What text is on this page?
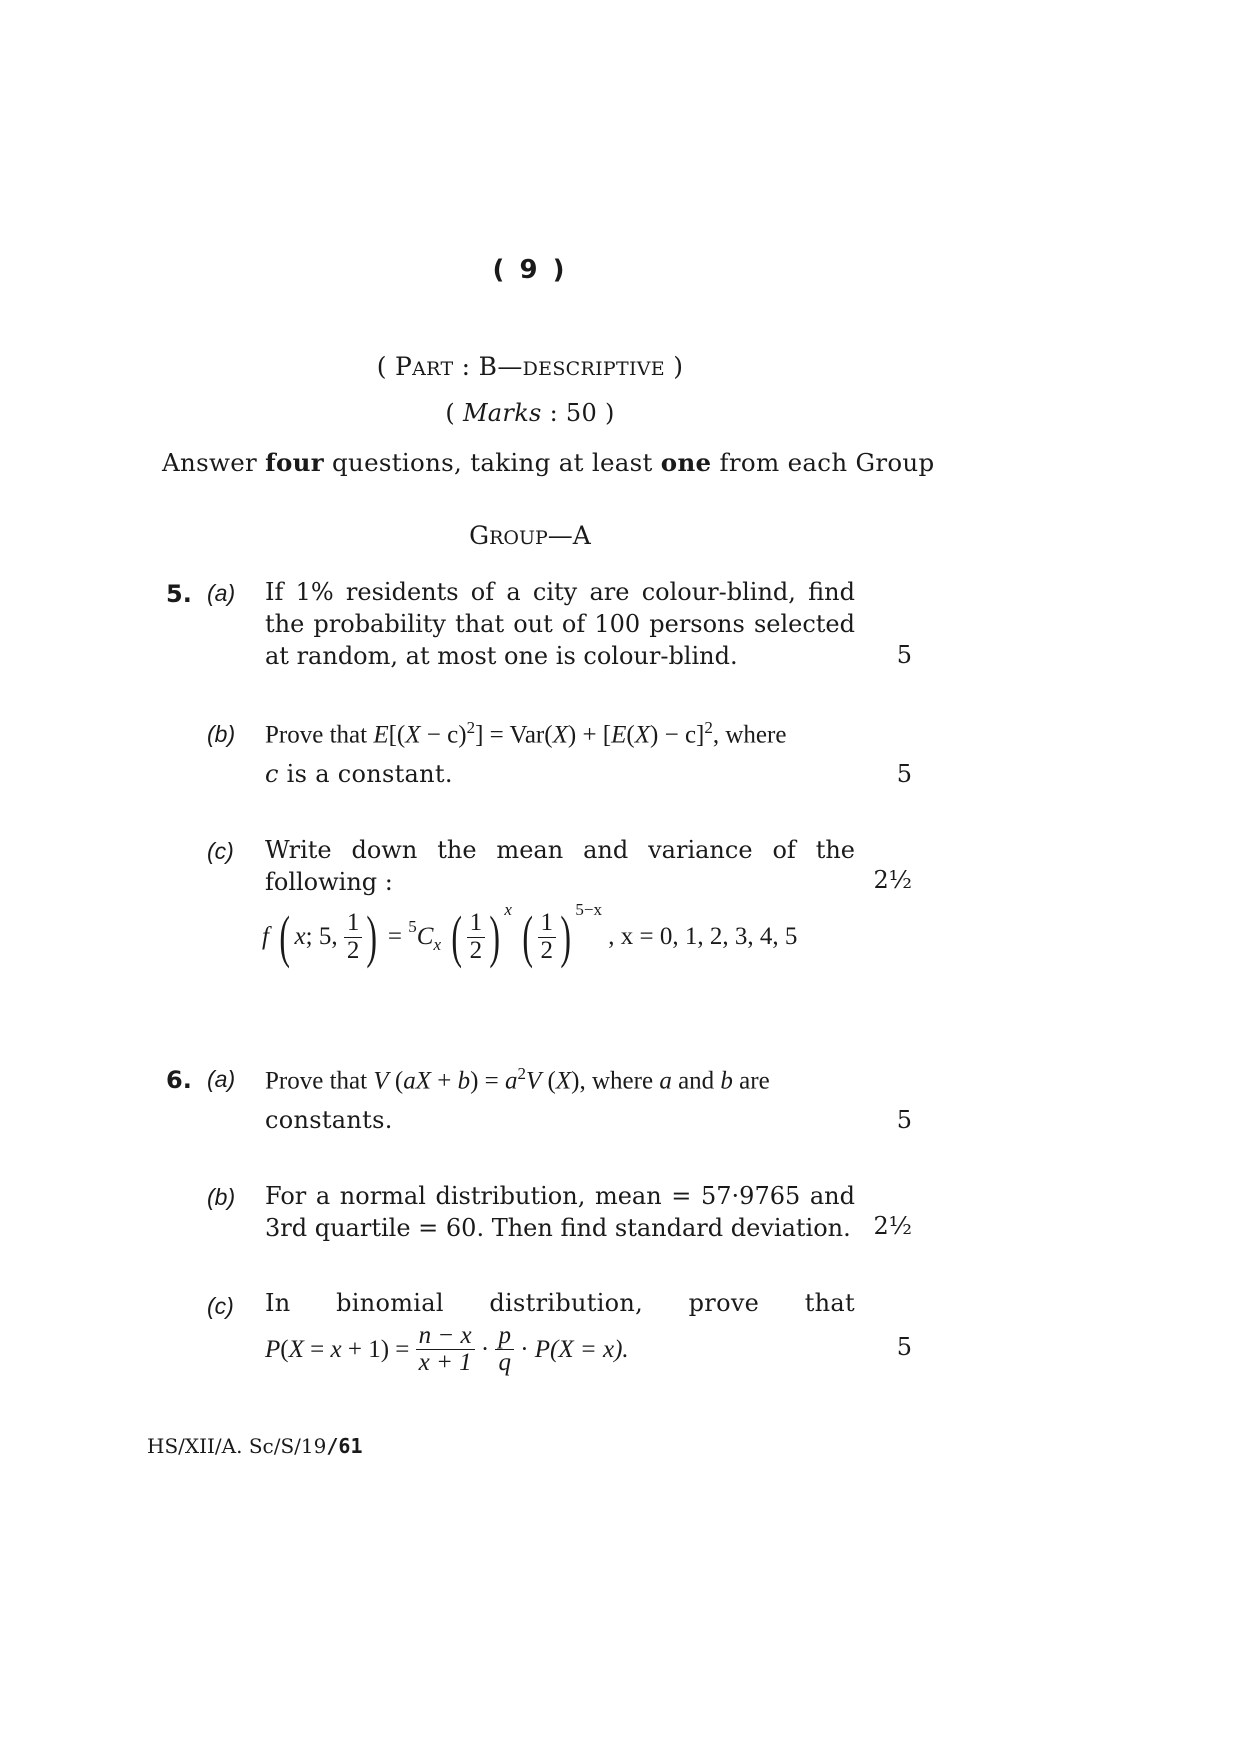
( 9 )
( PART : B—DESCRIPTIVE )
( Marks : 50 )
Answer four questions, taking at least one from each Group
GROUP—A
5. (a) If 1% residents of a city are colour-blind, find
the probability that out of 100 persons selected
at random, at most one is colour-blind.	5
(b) Prove that $E[(X - c)^2] = Var(X) + [E(X) - c]^2$, where
c is a constant.	5
(c) Write down the mean and variance of the
following :	2½
f ( x; 5, $\frac{1}{2}$ ) = $^5C_x$ ( $\frac{1}{2}$ ) $^x$ ( $\frac{1}{2}$ ) $^{5-x}$ , x = 0, 1, 2, 3, 4, 5
6. (a) Prove that V $(aX + b) = a^2V$ (X), where a and b are
constants.	5
(b) For a normal distribution, mean = 57·9765 and
3rd quartile = 60. Then find standard deviation. 2½
(c) In binomial distribution, prove that
$P(X = x + 1) = \frac{n - x}{x + 1} \cdot \frac{p}{q} \cdot P(X = x)$.	5
HS/XII/A. Sc/S/19/61
